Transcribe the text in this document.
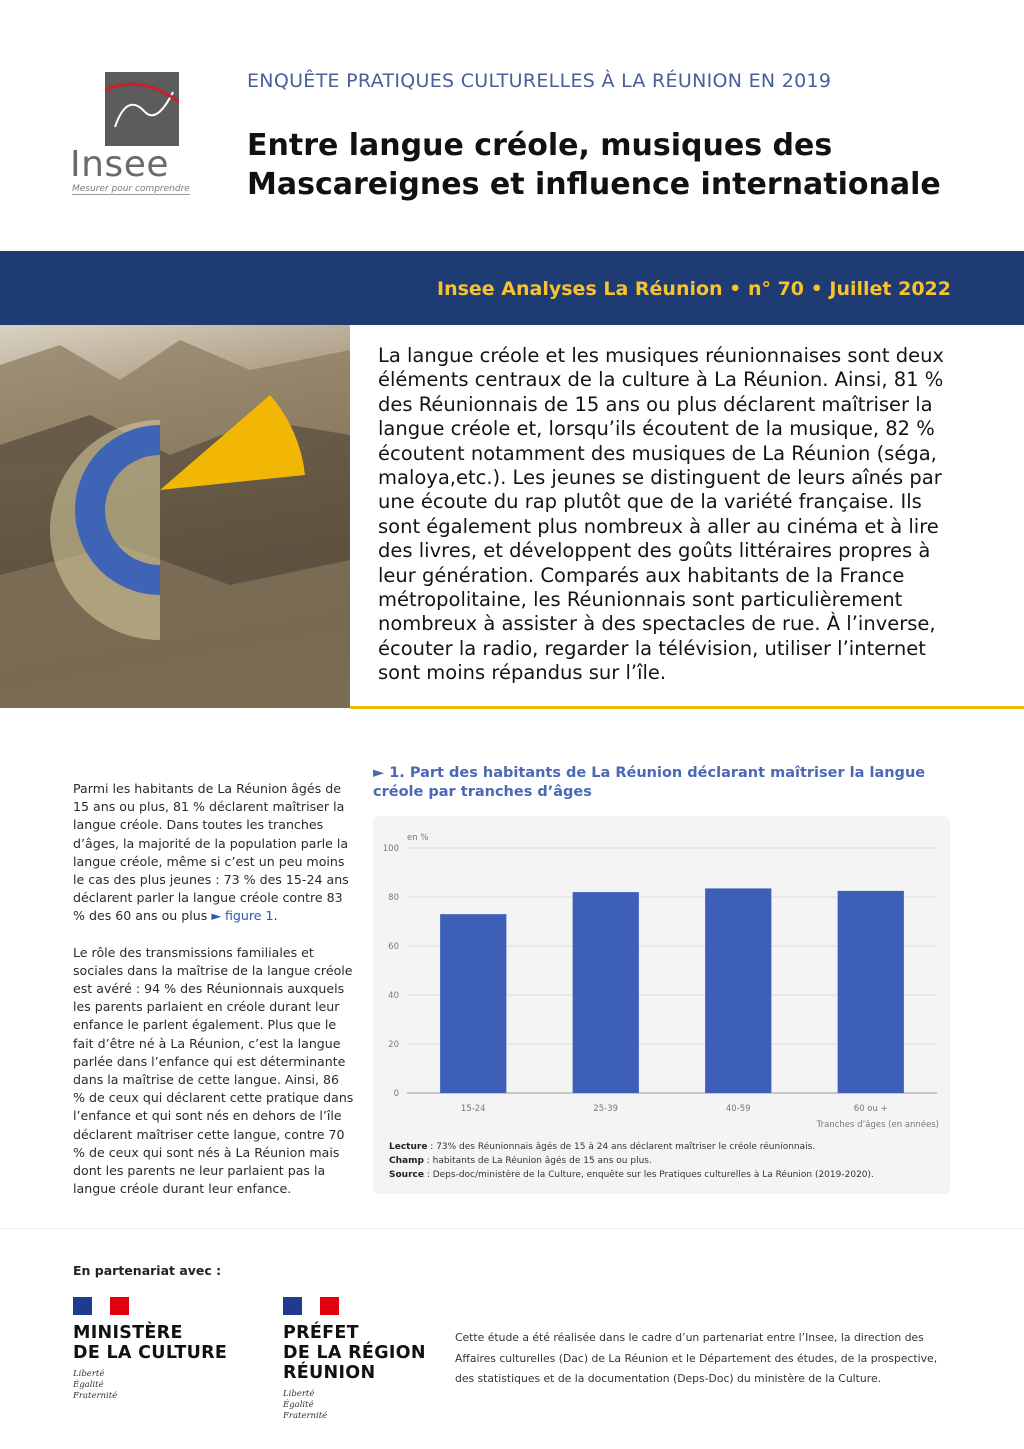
Insee
Mesurer pour comprendre
ENQUÊTE PRATIQUES CULTURELLES À LA RÉUNION EN 2019
Entre langue créole, musiques des Mascareignes et influence internationale
Insee Analyses La Réunion • n° 70 • Juillet 2022
La langue créole et les musiques réunionnaises sont deux éléments centraux de la culture à La Réunion. Ainsi, 81 % des Réunionnais de 15 ans ou plus déclarent maîtriser la langue créole et, lorsqu’ils écoutent de la musique, 82 % écoutent notamment des musiques de La Réunion (séga, maloya,etc.). Les jeunes se distinguent de leurs aînés par une écoute du rap plutôt que de la variété française. Ils sont également plus nombreux à aller au cinéma et à lire des livres, et développent des goûts littéraires propres à leur génération. Comparés aux habitants de la France métropolitaine, les Réunionnais sont particulièrement nombreux à assister à des spectacles de rue. À l’inverse, écouter la radio, regarder la télévision, utiliser l’internet sont moins répandus sur l’île.

Parmi les habitants de La Réunion âgés de 15 ans ou plus, 81 % déclarent maîtriser la langue créole. Dans toutes les tranches d’âges, la majorité de la population parle la langue créole, même si c’est un peu moins le cas des plus jeunes : 73 % des 15-24 ans déclarent parler la langue créole contre 83 % des 60 ans ou plus ► figure 1.

Le rôle des transmissions familiales et sociales dans la maîtrise de la langue créole est avéré : 94 % des Réunionnais auxquels les parents parlaient en créole durant leur enfance le parlent également. Plus que le fait d’être né à La Réunion, c’est la langue parlée dans l’enfance qui est déterminante dans la maîtrise de cette langue. Ainsi, 86 % de ceux qui déclarent cette pratique dans l’enfance et qui sont nés en dehors de l’île déclarent maîtriser cette langue, contre 70 % de ceux qui sont nés à La Réunion mais dont les parents ne leur parlaient pas la langue créole durant leur enfance.

► 1. Part des habitants de La Réunion déclarant maîtriser la langue créole par tranches d’âges
en %
0
20
40
60
80
100
15-24	25-39	40-59	60 ou +
Tranches d’âges (en années)
Lecture : 73% des Réunionnais âgés de 15 à 24 ans déclarent maîtriser le créole réunionnais.
Champ : habitants de La Réunion âgés de 15 ans ou plus.
Source : Deps-doc/ministère de la Culture, enquête sur les Pratiques culturelles à La Réunion (2019-2020).
En partenariat avec :
MINISTÈRE
DE LA CULTURE
Liberté
Égalité
Fraternité
PRÉFET
DE LA RÉGION
RÉUNION
Liberté
Égalité
Fraternité
Cette étude a été réalisée dans le cadre d’un partenariat entre l’Insee, la direction des Affaires culturelles (Dac) de La Réunion et le Département des études, de la prospective, des statistiques et de la documentation (Deps-Doc) du ministère de la Culture.
